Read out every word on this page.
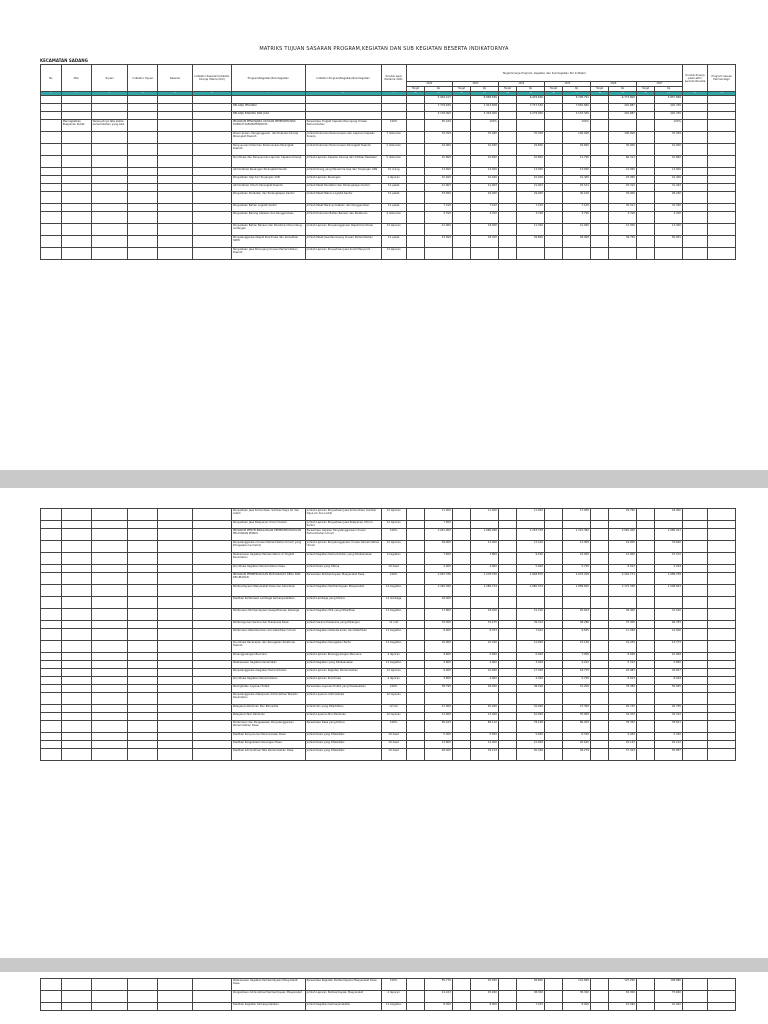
MATRIKS TUJUAN SASARAN PROGRAM,KEGIATAN DAN SUB KEGIATAN BESERTA INDIKATORNYA
KECAMATAN SADANG
No	Misi	Tujuan	Indikator Tujuan	Sasaran	Indikator Sasaran/Indikator Kinerja Utama (IKU)	Program/Kegiatan/Sub Kegiatan	Indikator Program/Kegiatan/Sub Kegiatan	Kondisi awal Pertama 2021	Target Kinerja Program, Kegiatan dan Sub Kegiatan Per Indikator												Kondisi Kinerja pada akhir periode Renstra	Program Sesuai Permendagri
									2022		2023		2024		2025		2026		2027			
									Target	Rp	Target	Rp	Target	Rp	Target	Rp	Target	Rp	Target	Rp		
1	2	3	4	5	6	7	8	9	10	11	12	13	14	15	16	17	18	19	20	21	22	23
										5.994.153		6.868.836		6.929.846		6.795.791		6.773.800		5.857.868		
						BELANJA PEGAWAI				7.779.830		7.923.808		7.737.530		7.850.860		491.887		420.700		
						BELANJA BARANG DAN JASA				3.178.900		3.393.900		3.278.900		3.153.300		491.887		420.700		
	Meningkatkan Pelayanan Publik	Terwujudnya tata kelola pemerintahan yang baik				PROGRAM PENUNJANG URUSAN PEMERINTAHAN DAERAH KABUPATEN/KOTA	Persentase Tingkat Capaian Penunjang Urusan Pemerintahan	100%		95.169		100%				100%				100%		
						Perencanaan, Penganggaran, dan Evaluasi Kinerja Perangkat Daerah	Jumlah Dokumen Perencanaan dan Laporan Capaian Kinerja	7 dokumen		70.359		70.000		70.300		100.000		100.000		70.359		
						Penyusunan Dokumen Perencanaan Perangkat Daerah	Jumlah Dokumen Perencanaan Perangkat Daerah	2 dokumen		10.000		10.000		29.800		29.800		30.000		10.000		
						Koordinasi dan Penyusunan Laporan Capaian Kinerja	Jumlah Laporan Capaian Kinerja dan Ikhtisar Realisasi	5 dokumen		10.800		10.800		10.800		12.700		60.311		10.800		
						Administrasi Keuangan Perangkat Daerah	Jumlah Orang yang Menerima Gaji dan Tunjangan ASN	21 orang		13.000		13.000		13.000		13.000		21.950		13.000		
						Penyediaan Gaji dan Tunjangan ASN	Jumlah Laporan Keuangan	1 laporan		10.400		10.400		10.400		10.400		25.950		10.400		
						Administrasi Umum Perangkat Daerah	Jumlah Paket Peralatan dan Perlengkapan Kantor	12 paket		21.903		21.903		21.903		25.101		25.312		31.493		
						Penyediaan Peralatan dan Perlengkapan Kantor	Jumlah Paket Bahan Logistik Kantor	12 paket		33.950		25.000		29.005		30.100		35.000		28.290		
						Penyediaan Bahan Logistik Kantor	Jumlah Paket Barang Cetakan dan Penggandaan	12 paket		7.100		7.100		7.100		7.100		30.011		31.300		
						Penyediaan Barang Cetakan dan Penggandaan	Jumlah Dokumen Bahan Bacaan dan Peraturan	4 dokumen		3.700		3.700		3.700		3.700		3.700		3.700		
						Penyediaan Bahan Bacaan dan Peraturan Perundang-undangan	Jumlah Laporan Penyelenggaraan Rapat Koordinasi	12 laporan		21.000		18.000		11.300		21.000		12.300		13.300		
						Penyelenggaraan Rapat Koordinasi dan Konsultasi SKPD	Jumlah Paket Jasa Penunjang Urusan Pemerintahan	12 paket		23.950		18.300		49.800		48.900		36.750		50.001		
						Penyediaan Jasa Penunjang Urusan Pemerintahan Daerah	Jumlah Laporan Penyediaan Jasa Surat Menyurat	12 laporan														
						Penyediaan Jasa Komunikasi, Sumber Daya Air dan Listrik	Jumlah Laporan Penyediaan Jasa Komunikasi, Sumber Daya Air dan Listrik	12 laporan		11.000		11.000		11.000		17.000		29.790		18.900		
						Penyediaan Jasa Pelayanan Umum Kantor	Jumlah Laporan Penyediaan Jasa Pelayanan Umum Kantor	12 laporan		7.000												
						PROGRAM PENYELENGGARAAN PEMERINTAHAN DAN PELAYANAN PUBLIK	Persentase Capaian Penyelenggaraan Urusan Pemerintahan Umum	100%		1.051.900		1.086.996		1.793.378		1.315.362		2.065.400		1.085.911		
						Penyelenggaraan Urusan Pemerintahan Umum yang Ditugaskan ke Camat	Jumlah Laporan Penyelenggaraan Urusan Pemerintahan Umum	12 laporan		39.900		13.000		17.100		12.900		19.000		33.600		
						Pelaksanaan Kegiatan Pemerintahan di Tingkat Kecamatan	Jumlah Kegiatan Pemerintahan yang Dilaksanakan	4 kegiatan		7.600		7.800		9.500		10.000		12.900		15.372		
						Koordinasi Kegiatan Pemerintahan Desa	Jumlah Desa yang Dibina	10 desa		2.000		4.000		5.000		5.750		8.912		3.254		
						PROGRAM PEMBERDAYAAN MASYARAKAT DESA DAN KELURAHAN	Persentase Pemberdayaan Masyarakat Desa	100%		1.097.336		1.278.700		1.008.870		1.670.918		2.202.771		1.089.378		
						Pemberdayaan Masyarakat Desa dan Kelurahan	Jumlah Kegiatan Pemberdayaan Masyarakat	10 kegiatan		1.420.366		1.286.724		1.980.074		1.889.600		2.175.346		1.508.823		
						Fasilitasi Pembinaan Lembaga Kemasyarakatan	Jumlah Lembaga yang Dibina	12 lembaga		18.000												
						Pembinaan Pemberdayaan Kesejahteraan Keluarga	Jumlah Kegiatan PKK yang Difasilitasi	12 kegiatan		17.800		18.300		21.100		20.624		36.400		31.520		
						Pembangunan Sarana dan Prasarana Desa	Jumlah Sarana Prasarana yang Dibangun	12 unit		33.300		34.475		39.313		38.280		75.300		46.783		
						Pembinaan Ketenteraman dan Ketertiban Umum	Jumlah Kegiatan Ketenteraman dan Ketertiban	12 kegiatan		8.000		8.703		7.622		9.655		11.360		12.506		
						Koordinasi Penerapan dan Penegakan Peraturan Daerah	Jumlah Kegiatan Penegakan Perda	12 kegiatan		10.900		10.300		12.900		15.126		19.434		13.773		
						Penanggulangan Bencana	Jumlah Laporan Penanggulangan Bencana	4 laporan		4.800		5.000		6.000		7.000		8.008		10.909		
						Pelaksanaan Kegiatan Kecamatan	Jumlah Kegiatan yang Dilaksanakan	12 kegiatan		2.800		2.900		3.900		4.012		5.312		5.800		
						Penyelenggaraan Kegiatan Pemerintahan	Jumlah Laporan Kegiatan Pemerintahan	12 laporan		9.000		10.000		17.300		18.775		20.983		18.657		
						Koordinasi Kegiatan Pemerintahan	Jumlah Laporan Koordinasi	4 laporan		3.800		4.000		4.300		5.750		8.913		8.204		
						Peningkatan Layanan Publik	Persentase Layanan Publik yang Diselesaikan	100%		38.790		38.000		38.290		31.200		78.380		56.005		
						Penyelenggaraan Pelayanan Administrasi Terpadu Kecamatan	Jumlah Layanan Administrasi	12 layanan														
						Pelayanan Perizinan Non Berusaha	Jumlah Izin yang Diterbitkan	12 izin		27.000		30.000		32.000		27.300		20.745		20.745		
						Pelayanan Non Perizinan	Jumlah Layanan Non Perizinan	12 layanan		11.000		13.000		10.000		35.900		34.472		34.472		
						Pembinaan dan Pengawasan Penyelenggaraan Pemerintahan Desa	Persentase Desa yang Dibina	100%		95.163		86.122		78.198		86.919		78.352		78.811		
						Fasilitasi Penyusunan Perencanaan Desa	Jumlah Desa yang Difasilitasi	10 desa		5.300		5.050		5.830		6.320		5.450		5.320		
						Fasilitasi Pengelolaan Keuangan Desa	Jumlah Desa yang Difasilitasi	10 desa		13.800		14.000		21.000		20.620		25.122		25.122		
						Fasilitasi Administrasi Tata Pemerintahan Desa	Jumlah Desa yang Difasilitasi	10 desa		28.400		39.124		50.348		39.279		57.424		55.687		
						Pelaksanaan Kegiatan Pemberdayaan Masyarakat Desa	Persentase Kegiatan Pemberdayaan Masyarakat Desa	100%		85.776		95.000		99.800		101.899		107.290		108.880		
						Pengelolaan Administrasi Pemberdayaan Masyarakat	Jumlah Laporan Pemberdayaan Masyarakat	4 laporan		21.163		25.000		38.300		38.300		65.300		75.600		
						Fasilitasi Kegiatan Kemasyarakatan	Jumlah Kegiatan Kemasyarakatan	12 kegiatan		8.300		8.000		7.243		8.000		10.560		10.942		
